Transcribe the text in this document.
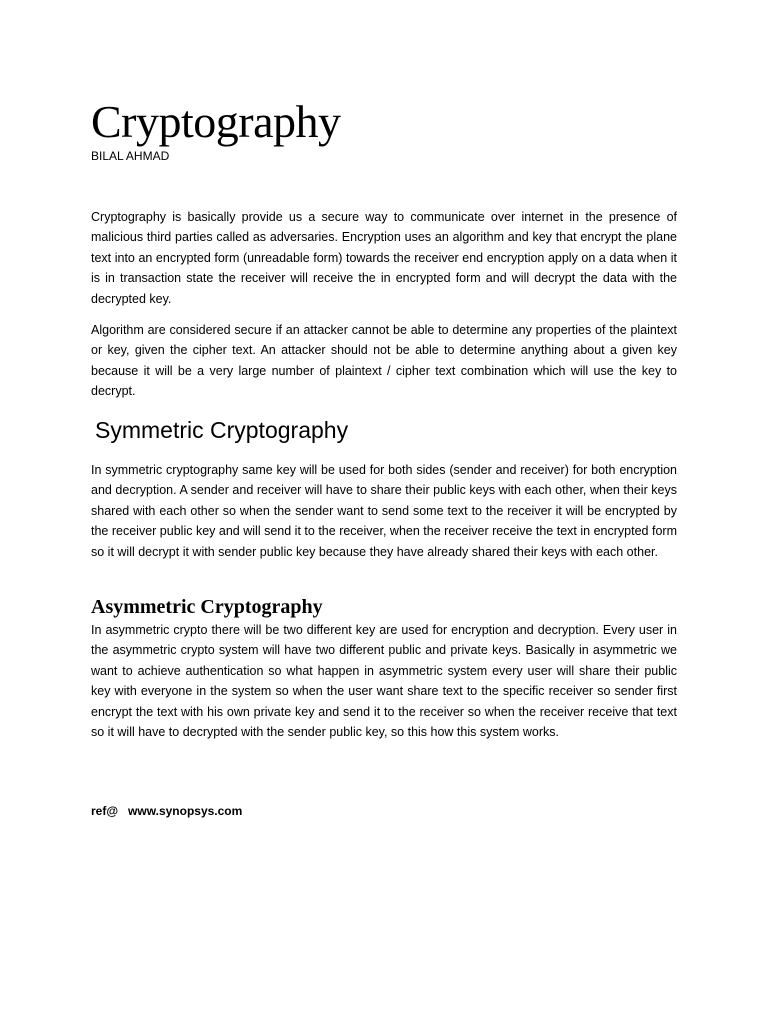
Cryptography
BILAL AHMAD

Cryptography is basically provide us a secure way to communicate over internet in the presence of malicious third parties called as adversaries. Encryption uses an algorithm and key that encrypt the plane text into an encrypted form (unreadable form) towards the receiver end encryption apply on a data when it is in transaction state the receiver will receive the in encrypted form and will decrypt the data with the decrypted key.

Algorithm are considered secure if an attacker cannot be able to determine any properties of the plaintext or key, given the cipher text. An attacker should not be able to determine anything about a given key because it will be a very large number of plaintext / cipher text combination which will use the key to decrypt.

Symmetric Cryptography

In symmetric cryptography same key will be used for both sides (sender and receiver) for both encryption and decryption. A sender and receiver will have to share their public keys with each other, when their keys shared with each other so when the sender want to send some text to the receiver it will be encrypted by the receiver public key and will send it to the receiver, when the receiver receive the text in encrypted form so it will decrypt it with sender public key because they have already shared their keys with each other.

Asymmetric Cryptography

In asymmetric crypto there will be two different key are used for encryption and decryption. Every user in the asymmetric crypto system will have two different public and private keys. Basically in asymmetric we want to achieve authentication so what happen in asymmetric system every user will share their public key with everyone in the system so when the user want share text to the specific receiver so sender first encrypt the text with his own private key and send it to the receiver so when the receiver receive that text so it will have to decrypted with the sender public key, so this how this system works.

ref@ www.synopsys.com
